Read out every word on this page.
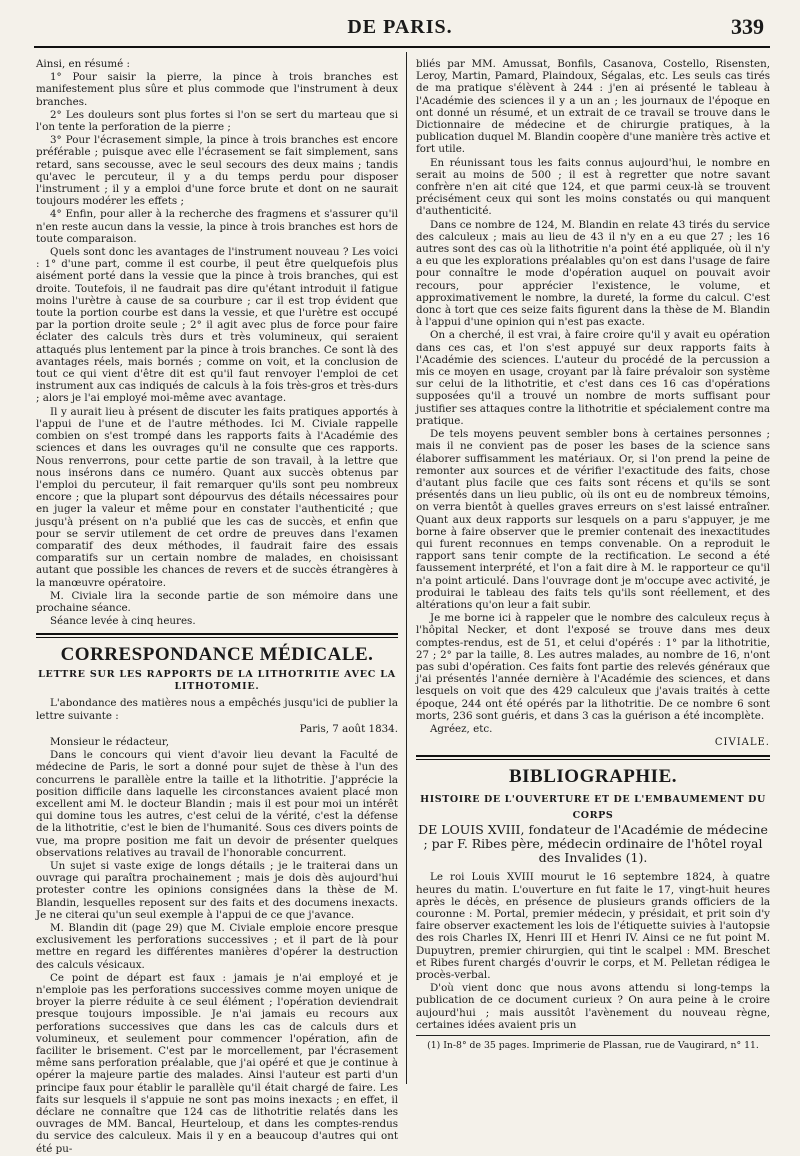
DE PARIS.	339

Ainsi, en résumé :

1° Pour saisir la pierre, la pince à trois branches est manifestement plus sûre et plus commode que l'instrument à deux branches.

2° Les douleurs sont plus fortes si l'on se sert du marteau que si l'on tente la perforation de la pierre ;

3° Pour l'écrasement simple, la pince à trois branches est encore préférable ; puisque avec elle l'écrasement se fait simplement, sans retard, sans secousse, avec le seul secours des deux mains ; tandis qu'avec le percuteur, il y a du temps perdu pour disposer l'instrument ; il y a emploi d'une force brute et dont on ne saurait toujours modérer les effets ;

4° Enfin, pour aller à la recherche des fragmens et s'assurer qu'il n'en reste aucun dans la vessie, la pince à trois branches est hors de toute comparaison.

Quels sont donc les avantages de l'instrument nouveau ? Les voici : 1° d'une part, comme il est courbe, il peut être quelquefois plus aisément porté dans la vessie que la pince à trois branches, qui est droite. Toutefois, il ne faudrait pas dire qu'étant introduit il fatigue moins l'urètre à cause de sa courbure ; car il est trop évident que toute la portion courbe est dans la vessie, et que l'urètre est occupé par la portion droite seule ; 2° il agit avec plus de force pour faire éclater des calculs très durs et très volumineux, qui seraient attaqués plus lentement par la pince à trois branches. Ce sont là des avantages réels, mais bornés ; comme on voit, et la conclusion de tout ce qui vient d'être dit est qu'il faut renvoyer l'emploi de cet instrument aux cas indiqués de calculs à la fois très-gros et très-durs ; alors je l'ai employé moi-même avec avantage.

Il y aurait lieu à présent de discuter les faits pratiques apportés à l'appui de l'une et de l'autre méthodes. Ici M. Civiale rappelle combien on s'est trompé dans les rapports faits à l'Académie des sciences et dans les ouvrages qu'il ne consulte que ces rapports. Nous renverrons, pour cette partie de son travail, à la lettre que nous insérons dans ce numéro. Quant aux succès obtenus par l'emploi du percuteur, il fait remarquer qu'ils sont peu nombreux encore ; que la plupart sont dépourvus des détails nécessaires pour en juger la valeur et même pour en constater l'authenticité ; que jusqu'à présent on n'a publié que les cas de succès, et enfin que pour se servir utilement de cet ordre de preuves dans l'examen comparatif des deux méthodes, il faudrait faire des essais comparatifs sur un certain nombre de malades, en choisissant autant que possible les chances de revers et de succès étrangères à la manœuvre opératoire.

M. Civiale lira la seconde partie de son mémoire dans une prochaine séance.

Séance levée à cinq heures.

CORRESPONDANCE MÉDICALE.
LETTRE SUR LES RAPPORTS DE LA LITHOTRITIE AVEC LA
LITHOTOMIE.

L'abondance des matières nous a empêchés jusqu'ici de publier la lettre suivante :

Paris, 7 août 1834.

Monsieur le rédacteur,

Dans le concours qui vient d'avoir lieu devant la Faculté de médecine de Paris, le sort a donné pour sujet de thèse à l'un des concurrens le parallèle entre la taille et la lithotritie. J'apprécie la position difficile dans laquelle les circonstances avaient placé mon excellent ami M. le docteur Blandin ; mais il est pour moi un intérêt qui domine tous les autres, c'est celui de la vérité, c'est la défense de la lithotritie, c'est le bien de l'humanité. Sous ces divers points de vue, ma propre position me fait un devoir de présenter quelques observations relatives au travail de l'honorable concurrent.

Un sujet si vaste exige de longs détails ; je le traiterai dans un ouvrage qui paraîtra prochainement ; mais je dois dès aujourd'hui protester contre les opinions consignées dans la thèse de M. Blandin, lesquelles reposent sur des faits et des documens inexacts. Je ne citerai qu'un seul exemple à l'appui de ce que j'avance.

M. Blandin dit (page 29) que M. Civiale emploie encore presque exclusivement les perforations successives ; et il part de là pour mettre en regard les différentes manières d'opérer la destruction des calculs vésicaux.

Ce point de départ est faux : jamais je n'ai employé et je n'emploie pas les perforations successives comme moyen unique de broyer la pierre réduite à ce seul élément ; l'opération deviendrait presque toujours impossible. Je n'ai jamais eu recours aux perforations successives que dans les cas de calculs durs et volumineux, et seulement pour commencer l'opération, afin de faciliter le brisement. C'est par le morcellement, par l'écrasement même sans perforation préalable, que j'ai opéré et que je continue à opérer la majeure partie des malades. Ainsi l'auteur est parti d'un principe faux pour établir le parallèle qu'il était chargé de faire. Les faits sur lesquels il s'appuie ne sont pas moins inexacts ; en effet, il déclare ne connaître que 124 cas de lithotritie relatés dans les ouvrages de MM. Bancal, Heurteloup, et dans les comptes-rendus du service des calculeux. Mais il y en a beaucoup d'autres qui ont été pu-

bliés par MM. Amussat, Bonfils, Casanova, Costello, Risensten, Leroy, Martin, Pamard, Plaindoux, Ségalas, etc. Les seuls cas tirés de ma pratique s'élèvent à 244 : j'en ai présenté le tableau à l'Académie des sciences il y a un an ; les journaux de l'époque en ont donné un résumé, et un extrait de ce travail se trouve dans le Dictionnaire de médecine et de chirurgie pratiques, à la publication duquel M. Blandin coopère d'une manière très active et fort utile.

En réunissant tous les faits connus aujourd'hui, le nombre en serait au moins de 500 ; il est à regretter que notre savant confrère n'en ait cité que 124, et que parmi ceux-là se trouvent précisément ceux qui sont les moins constatés ou qui manquent d'authenticité.

Dans ce nombre de 124, M. Blandin en relate 43 tirés du service des calculeux ; mais au lieu de 43 il n'y en a eu que 27 ; les 16 autres sont des cas où la lithotritie n'a point été appliquée, où il n'y a eu que les explorations préalables qu'on est dans l'usage de faire pour connaître le mode d'opération auquel on pouvait avoir recours, pour apprécier l'existence, le volume, et approximativement le nombre, la dureté, la forme du calcul. C'est donc à tort que ces seize faits figurent dans la thèse de M. Blandin à l'appui d'une opinion qui n'est pas exacte.

On a cherché, il est vrai, à faire croire qu'il y avait eu opération dans ces cas, et l'on s'est appuyé sur deux rapports faits à l'Académie des sciences. L'auteur du procédé de la percussion a mis ce moyen en usage, croyant par là faire prévaloir son système sur celui de la lithotritie, et c'est dans ces 16 cas d'opérations supposées qu'il a trouvé un nombre de morts suffisant pour justifier ses attaques contre la lithotritie et spécialement contre ma pratique.

De tels moyens peuvent sembler bons à certaines personnes ; mais il ne convient pas de poser les bases de la science sans élaborer suffisamment les matériaux. Or, si l'on prend la peine de remonter aux sources et de vérifier l'exactitude des faits, chose d'autant plus facile que ces faits sont récens et qu'ils se sont présentés dans un lieu public, où ils ont eu de nombreux témoins, on verra bientôt à quelles graves erreurs on s'est laissé entraîner. Quant aux deux rapports sur lesquels on a paru s'appuyer, je me borne à faire observer que le premier contenait des inexactitudes qui furent reconnues en temps convenable. On a reproduit le rapport sans tenir compte de la rectification. Le second a été faussement interprété, et l'on a fait dire à M. le rapporteur ce qu'il n'a point articulé. Dans l'ouvrage dont je m'occupe avec activité, je produirai le tableau des faits tels qu'ils sont réellement, et des altérations qu'on leur a fait subir.

Je me borne ici à rappeler que le nombre des calculeux reçus à l'hôpital Necker, et dont l'exposé se trouve dans mes deux comptes-rendus, est de 51, et celui d'opérés : 1° par la lithotritie, 27 ; 2° par la taille, 8. Les autres malades, au nombre de 16, n'ont pas subi d'opération. Ces faits font partie des relevés généraux que j'ai présentés l'année dernière à l'Académie des sciences, et dans lesquels on voit que des 429 calculeux que j'avais traités à cette époque, 244 ont été opérés par la lithotritie. De ce nombre 6 sont morts, 236 sont guéris, et dans 3 cas la guérison a été incomplète.

Agréez, etc.

CIVIALE.
BIBLIOGRAPHIE.
HISTOIRE DE L'OUVERTURE ET DE L'EMBAUMEMENT DU CORPS
DE LOUIS XVIII, fondateur de l'Académie de médecine ; par F. Ribes père, médecin ordinaire de l'hôtel royal des Invalides (1).

Le roi Louis XVIII mourut le 16 septembre 1824, à quatre heures du matin. L'ouverture en fut faite le 17, vingt-huit heures après le décès, en présence de plusieurs grands officiers de la couronne : M. Portal, premier médecin, y présidait, et prit soin d'y faire observer exactement les lois de l'étiquette suivies à l'autopsie des rois Charles IX, Henri III et Henri IV. Ainsi ce ne fut point M. Dupuytren, premier chirurgien, qui tint le scalpel : MM. Breschet et Ribes furent chargés d'ouvrir le corps, et M. Pelletan rédigea le procès-verbal.

D'où vient donc que nous avons attendu si long-temps la publication de ce document curieux ? On aura peine à le croire aujourd'hui ; mais aussitôt l'avènement du nouveau règne, certaines idées avaient pris un

(1) In-8° de 35 pages. Imprimerie de Plassan, rue de Vaugirard, n° 11.
